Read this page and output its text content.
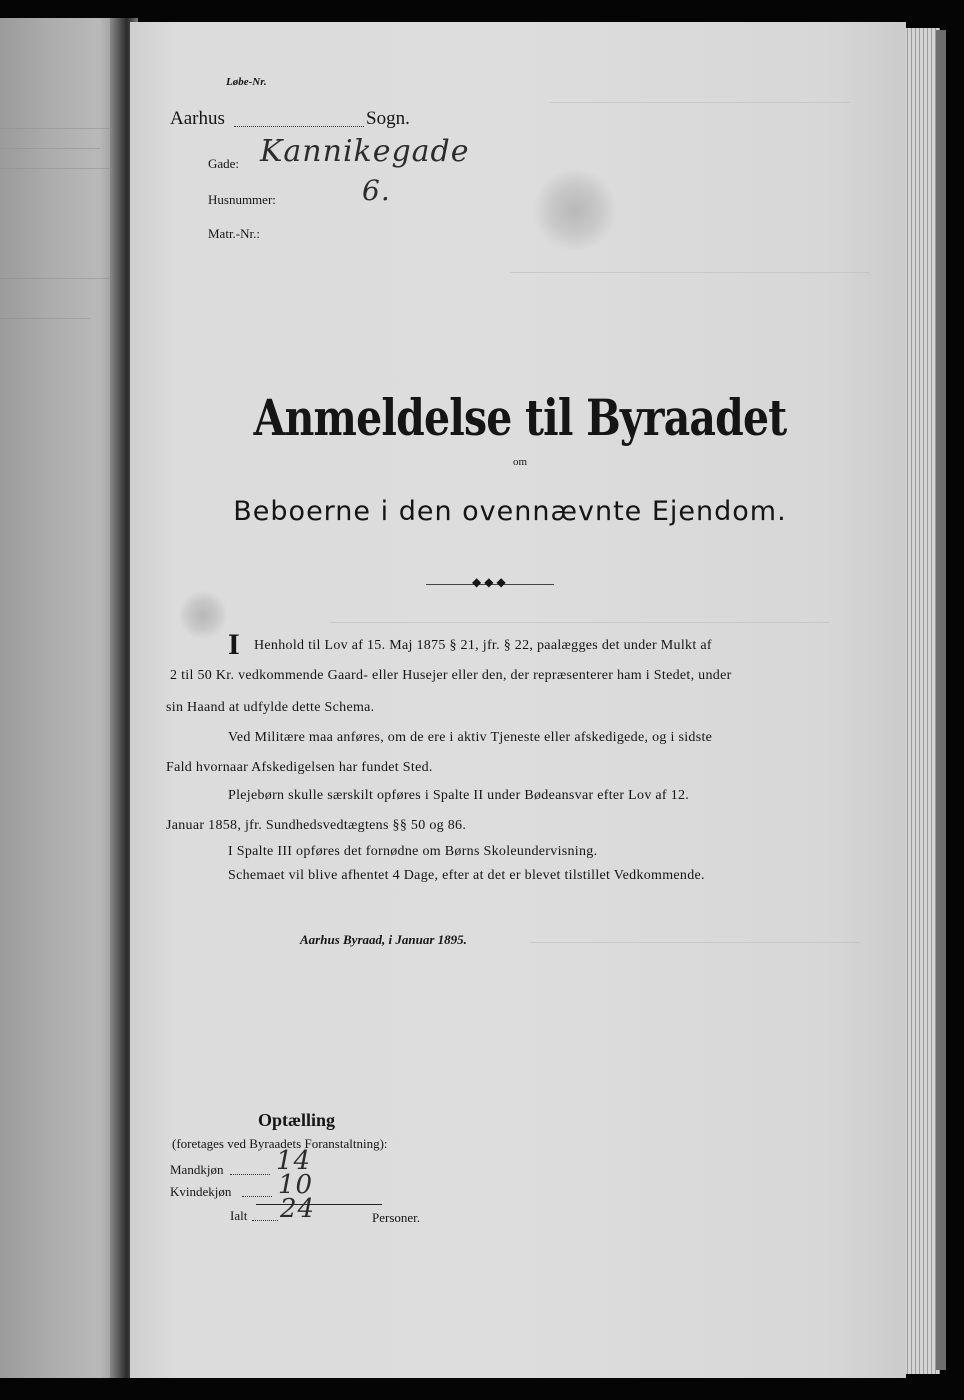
Løbe-Nr.
Aarhus	Sogn.
Gade: Kannikegade
Husnummer:	6.
Matr.-Nr.:
Anmeldelse til Byraadet
om
Beboerne i den ovennævnte Ejendom.
◆◆◆
I Henhold til Lov af 15. Maj 1875 § 21, jfr. § 22, paalægges det under Mulkt af
2 til 50 Kr. vedkommende Gaard- eller Husejer eller den, der repræsenterer ham i Stedet, under
sin Haand at udfylde dette Schema.
Ved Militære maa anføres, om de ere i aktiv Tjeneste eller afskedigede, og i sidste
Fald hvornaar Afskedigelsen har fundet Sted.
Plejebørn skulle særskilt opføres i Spalte II under Bødeansvar efter Lov af 12.
Januar 1858, jfr. Sundhedsvedtægtens §§ 50 og 86.
I Spalte III opføres det fornødne om Børns Skoleundervisning.
Schemaet vil blive afhentet 4 Dage, efter at det er blevet tilstillet Vedkommende.
Aarhus Byraad, i Januar 1895.
Optælling
(foretages ved Byraadets Foranstaltning):
Mandkjøn 14
Kvindekjøn 10
Ialt 24	Personer.
